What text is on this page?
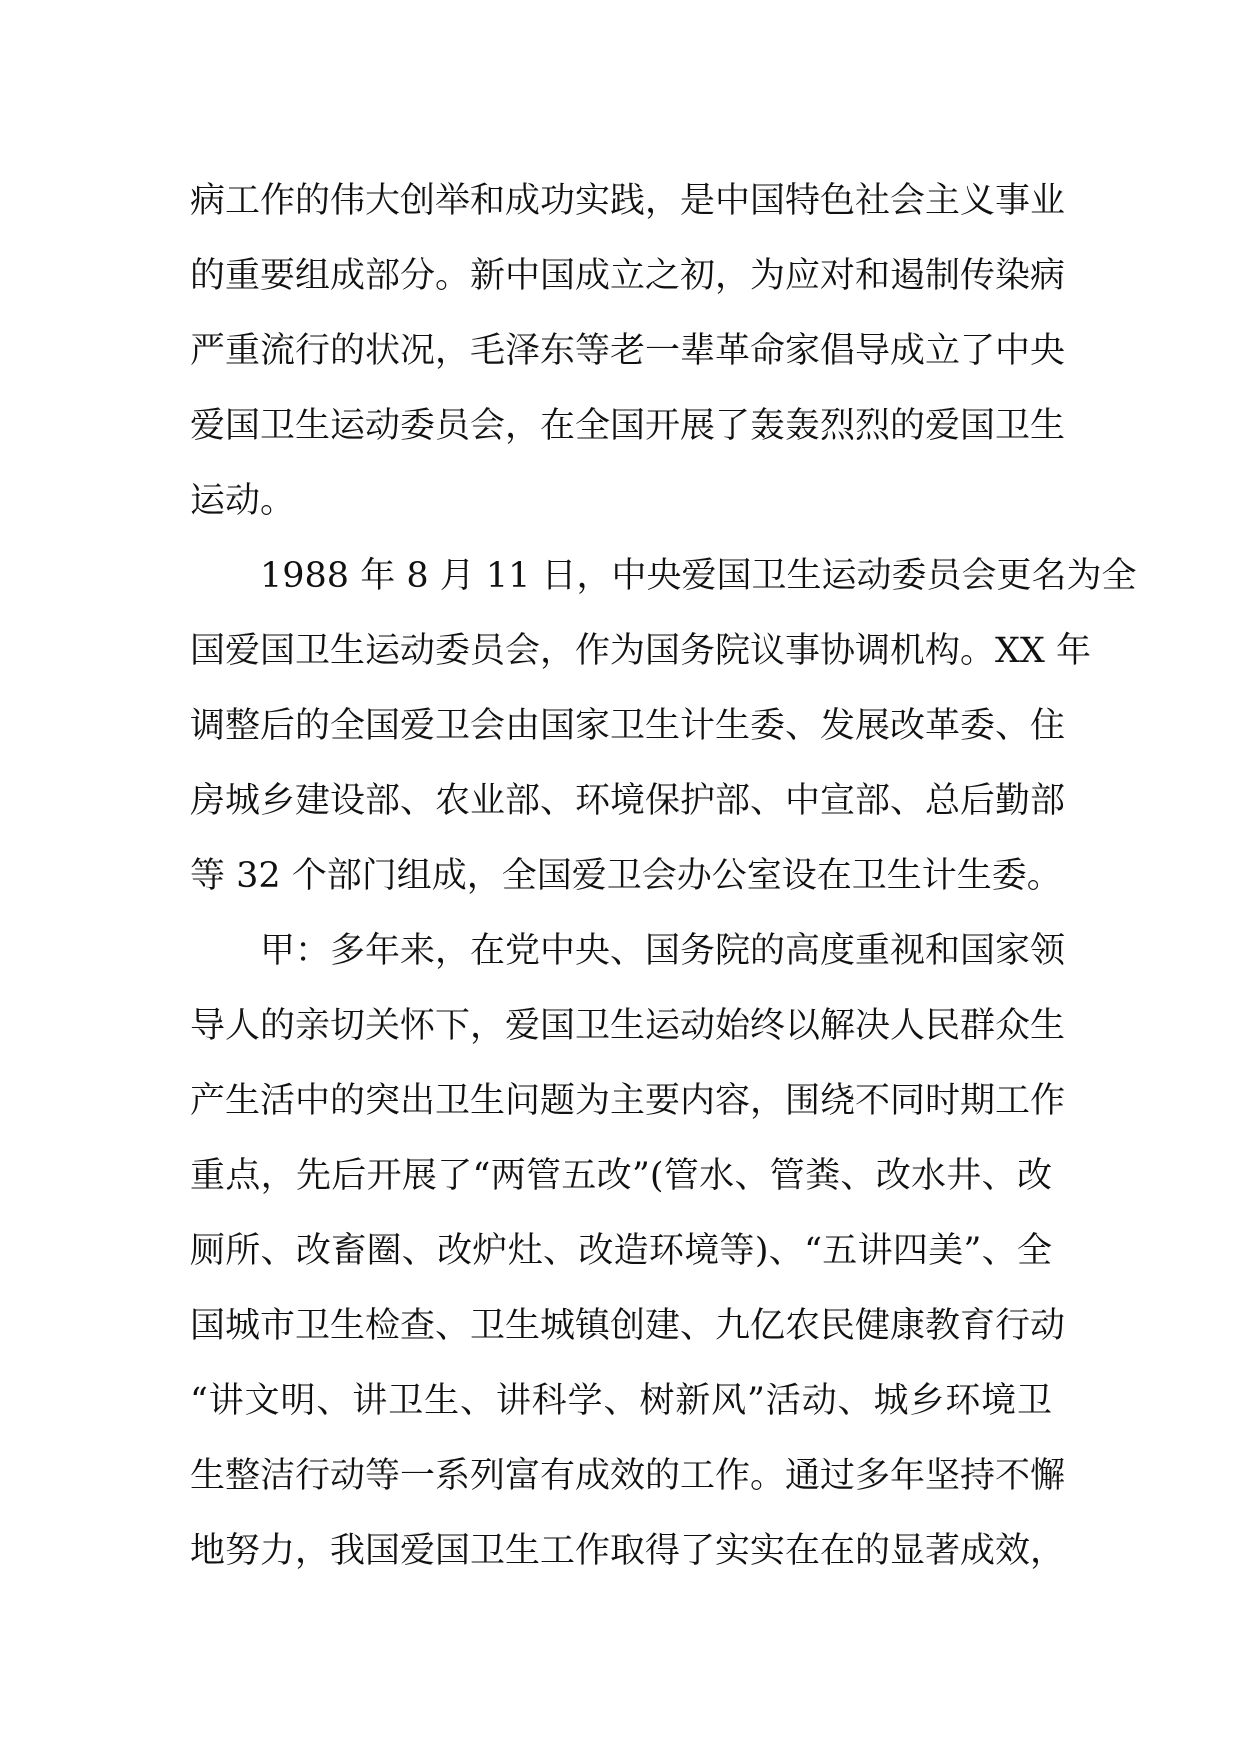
病工作的伟大创举和成功实践，是中国特色社会主义事业
的重要组成部分。新中国成立之初，为应对和遏制传染病
严重流行的状况，毛泽东等老一辈革命家倡导成立了中央
爱国卫生运动委员会，在全国开展了轰轰烈烈的爱国卫生
运动。
1988 年 8 月 11 日，中央爱国卫生运动委员会更名为全
国爱国卫生运动委员会，作为国务院议事协调机构。XX 年
调整后的全国爱卫会由国家卫生计生委、发展改革委、住
房城乡建设部、农业部、环境保护部、中宣部、总后勤部
等 32 个部门组成，全国爱卫会办公室设在卫生计生委。
甲：多年来，在党中央、国务院的高度重视和国家领
导人的亲切关怀下，爱国卫生运动始终以解决人民群众生
产生活中的突出卫生问题为主要内容，围绕不同时期工作
重点，先后开展了“两管五改”(管水、管粪、改水井、改
厕所、改畜圈、改炉灶、改造环境等)、“五讲四美”、全
国城市卫生检查、卫生城镇创建、九亿农民健康教育行动
“讲文明、讲卫生、讲科学、树新风”活动、城乡环境卫
生整洁行动等一系列富有成效的工作。通过多年坚持不懈
地努力，我国爱国卫生工作取得了实实在在的显著成效，
